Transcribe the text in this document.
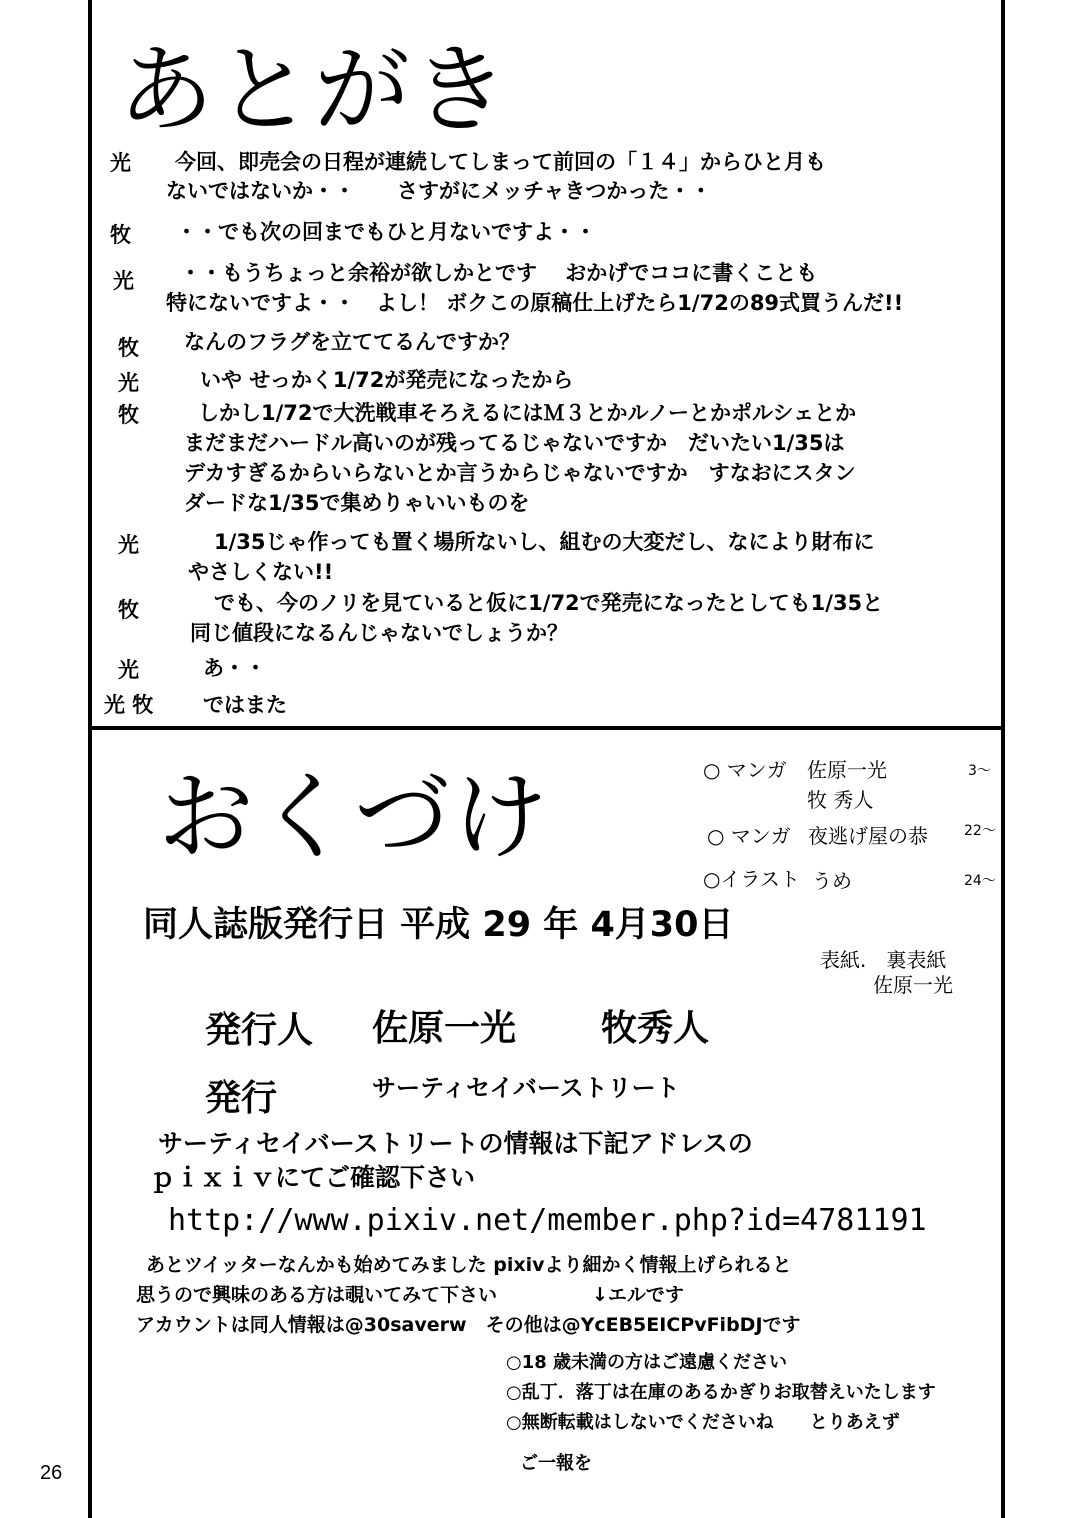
あとがき
光 今回、即売会の日程が連続してしまって前回の「１４」からひと月も
ないではないか・・　　さすがにメッチャきつかった・・
牧 ・・でも次の回までもひと月ないですよ・・
光 ・・もうちょっと余裕が欲しかとです　 おかげでココに書くことも
特にないですよ・・　よし！ ボクこの原稿仕上げたら1/72の89式買うんだ!!
牧 なんのフラグを立ててるんですか？
光	いや せっかく1/72が発売になったから
牧	しかし1/72で大洗戦車そろえるにはＭ３とかルノーとかポルシェとか
まだまだハードル高いのが残ってるじゃないですか　だいたい1/35は
デカすぎるからいらないとか言うからじゃないですか　すなおにスタン
ダードな1/35で集めりゃいいものを
光	1/35じゃ作っても置く場所ないし、組むの大変だし、なにより財布に
やさしくない!!
牧	でも、今のノリを見ていると仮に1/72で発売になったとしても1/35と
同じ値段になるんじゃないでしょうか？
光	あ・・
光 牧 ではまた
おくづけ	○ マンガ 佐原一光	3～
牧 秀人
○ マンガ 夜逃げ屋の恭	22～
○イラスト うめ	24～
同人誌版発行日 平成 29 年 4月30日
表紙.　裏表紙
佐原一光
発行人 佐原一光 牧秀人
発行	サーティセイバーストリート
サーティセイバーストリートの情報は下記アドレスの
ｐｉｘｉｖにてご確認下さい
http://www.pixiv.net/member.php?id=4781191
あとツイッターなんかも始めてみました pixivより細かく情報上げられると
思うので興味のある方は覗いてみて下さい　　　　　↓エルです
アカウントは同人情報は@30saverw　その他は@YcEB5EICPvFibDJです
○18 歳未満の方はご遠慮ください
○乱丁．落丁は在庫のあるかぎりお取替えいたします
○無断転載はしないでくださいね　　とりあえず
ご一報を
26
